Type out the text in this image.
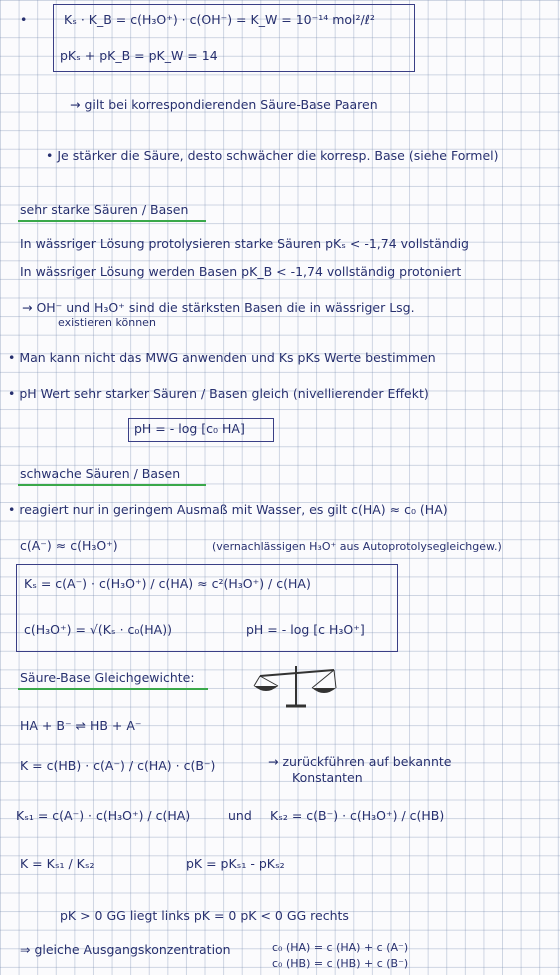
•	Kₛ · K_B = c(H₃O⁺) · c(OH⁻) = K_W = 10⁻¹⁴ mol²/ℓ²
pKₛ + pK_B = pK_W = 14
→ gilt bei korrespondierenden Säure-Base Paaren
• Je stärker die Säure, desto schwächer die korresp. Base (siehe Formel)
sehr starke Säuren / Basen
In wässriger Lösung protolysieren starke Säuren pKₛ < -1,74 vollständig
In wässriger Lösung werden Basen pK_B < -1,74 vollständig protoniert
→ OH⁻ und H₃O⁺ sind die stärksten Basen die in wässriger Lsg.
existieren können
• Man kann nicht das MWG anwenden und Ks pKs Werte bestimmen
• pH Wert sehr starker Säuren / Basen gleich (nivellierender Effekt)
pH = - log [c₀ HA]
schwache Säuren / Basen
• reagiert nur in geringem Ausmaß mit Wasser, es gilt c(HA) ≈ c₀ (HA)
c(A⁻) ≈ c(H₃O⁺)	(vernachlässigen H₃O⁺ aus Autoprotolysegleichgew.)
Kₛ = c(A⁻) · c(H₃O⁺) / c(HA) ≈ c²(H₃O⁺) / c(HA)
c(H₃O⁺) = √(Kₛ · c₀(HA))	pH = - log [c H₃O⁺]
Säure-Base Gleichgewichte:
HA + B⁻ ⇌ HB + A⁻
K = c(HB) · c(A⁻) / c(HA) · c(B⁻)	→ zurückführen auf bekannte
Konstanten
Kₛ₁ = c(A⁻) · c(H₃O⁺) / c(HA)	und Kₛ₂ = c(B⁻) · c(H₃O⁺) / c(HB)
K = Kₛ₁ / Kₛ₂	pK = pKₛ₁ - pKₛ₂
pK > 0 GG liegt links pK = 0 pK < 0 GG rechts
⇒ gleiche Ausgangskonzentration	c₀ (HA) = c (HA) + c (A⁻)
c₀ (HB) = c (HB) + c (B⁻)
